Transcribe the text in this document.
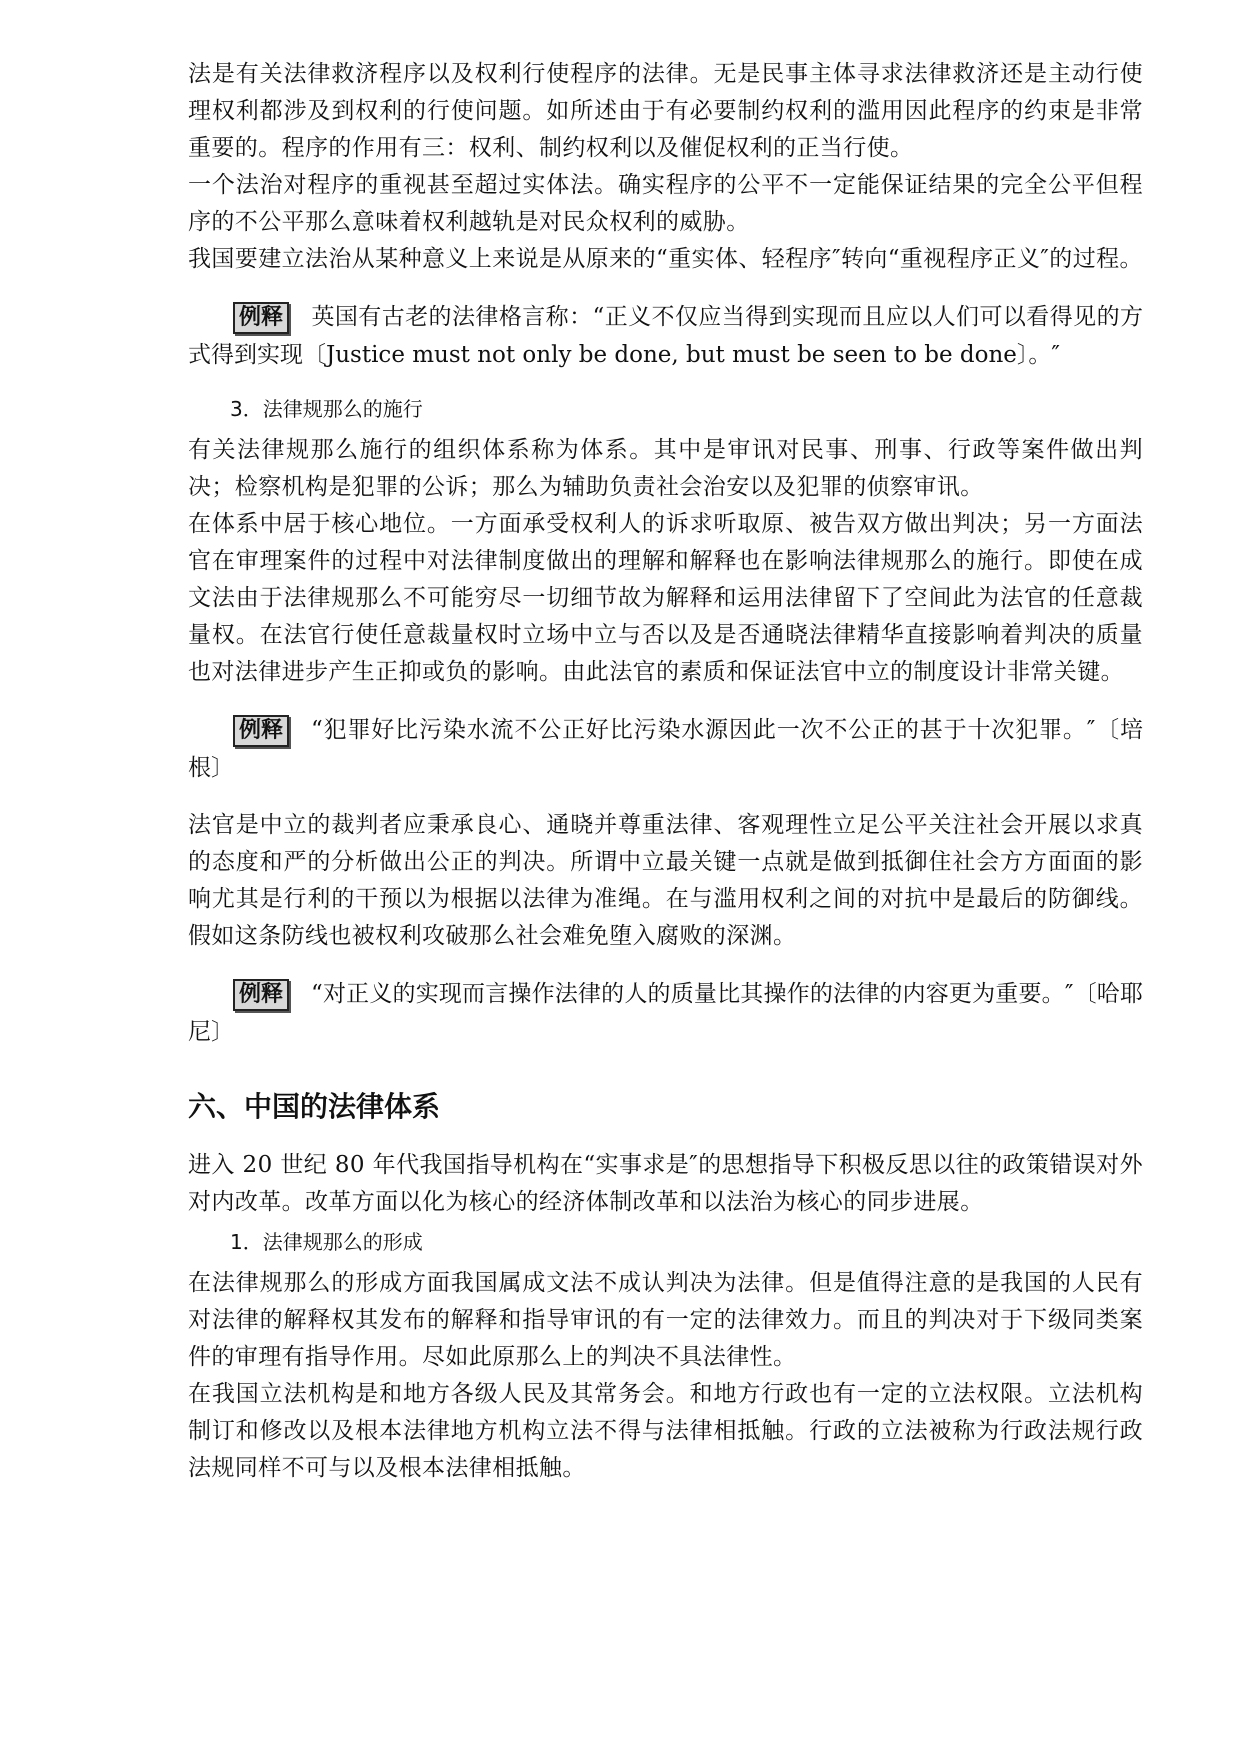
法是有关法律救济程序以及权利行使程序的法律。无是民事主体寻求法律救济还是主动行使理权利都涉及到权利的行使问题。如所述由于有必要制约权利的滥用因此程序的约束是非常重要的。程序的作用有三：权利、制约权利以及催促权利的正当行使。

一个法治对程序的重视甚至超过实体法。确实程序的公平不一定能保证结果的完全公平但程序的不公平那么意味着权利越轨是对民众权利的威胁。

我国要建立法治从某种意义上来说是从原来的“重实体、轻程序″转向“重视程序正义″的过程。

例释 英国有古老的法律格言称：“正义不仅应当得到实现而且应以人们可以看得见的方式得到实现〔Justice must not only be done, but must be seen to be done〕。″

3．法律规那么的施行

有关法律规那么施行的组织体系称为体系。其中是审讯对民事、刑事、行政等案件做出判决；检察机构是犯罪的公诉；那么为辅助负责社会治安以及犯罪的侦察审讯。

在体系中居于核心地位。一方面承受权利人的诉求听取原、被告双方做出判决；另一方面法官在审理案件的过程中对法律制度做出的理解和解释也在影响法律规那么的施行。即使在成文法由于法律规那么不可能穷尽一切细节故为解释和运用法律留下了空间此为法官的任意裁量权。在法官行使任意裁量权时立场中立与否以及是否通晓法律精华直接影响着判决的质量也对法律进步产生正抑或负的影响。由此法官的素质和保证法官中立的制度设计非常关键。

例释 “犯罪好比污染水流不公正好比污染水源因此一次不公正的甚于十次犯罪。″〔培根〕

法官是中立的裁判者应秉承良心、通晓并尊重法律、客观理性立足公平关注社会开展以求真的态度和严的分析做出公正的判决。所谓中立最关键一点就是做到抵御住社会方方面面的影响尤其是行利的干预以为根据以法律为准绳。在与滥用权利之间的对抗中是最后的防御线。假如这条防线也被权利攻破那么社会难免堕入腐败的深渊。

例释 “对正义的实现而言操作法律的人的质量比其操作的法律的内容更为重要。″〔哈耶尼〕

六、中国的法律体系

进入 20 世纪 80 年代我国指导机构在“实事求是″的思想指导下积极反思以往的政策错误对外对内改革。改革方面以化为核心的经济体制改革和以法治为核心的同步进展。

1．法律规那么的形成

在法律规那么的形成方面我国属成文法不成认判决为法律。但是值得注意的是我国的人民有对法律的解释权其发布的解释和指导审讯的有一定的法律效力。而且的判决对于下级同类案件的审理有指导作用。尽如此原那么上的判决不具法律性。

在我国立法机构是和地方各级人民及其常务会。和地方行政也有一定的立法权限。立法机构制订和修改以及根本法律地方机构立法不得与法律相抵触。行政的立法被称为行政法规行政法规同样不可与以及根本法律相抵触。
